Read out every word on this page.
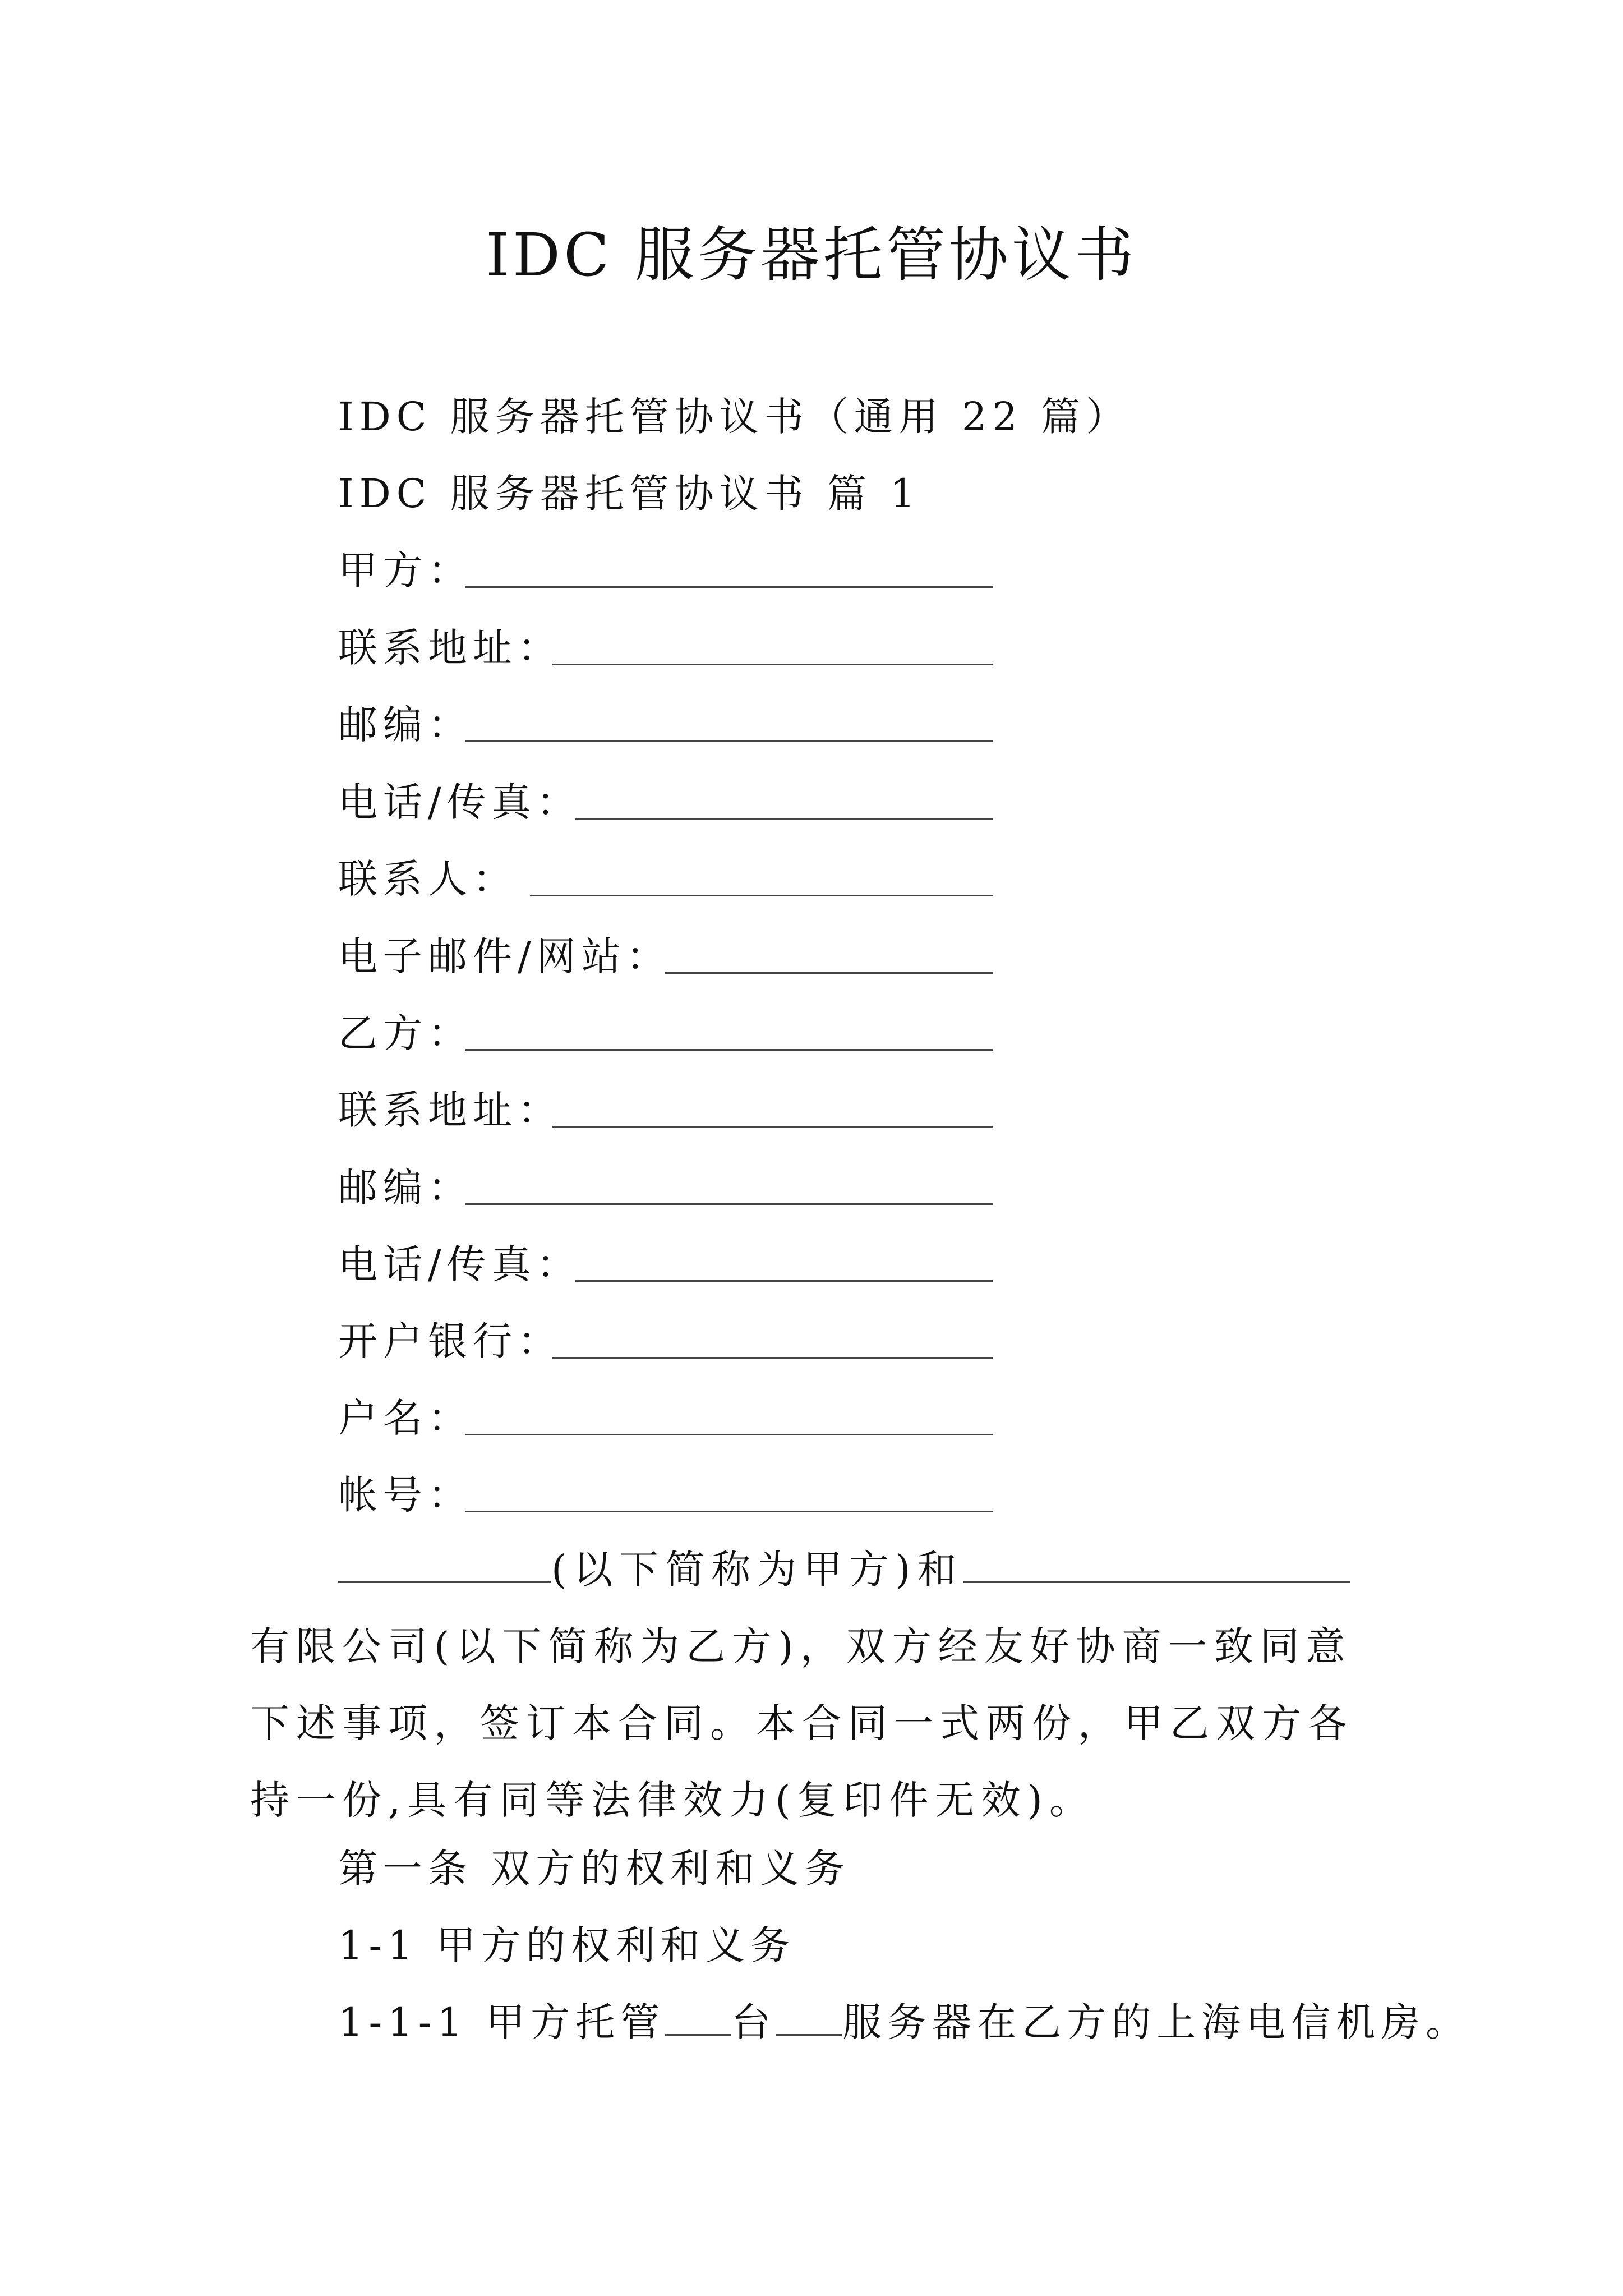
IDC 服务器托管协议书
IDC 服务器托管协议书（通用 22 篇）
IDC 服务器托管协议书 篇 1
甲方：
联系地址：
邮编：
电话/传真：
联系人：
电子邮件/网站：
乙方：
联系地址：
邮编：
电话/传真：
开户银行：
户名：
帐号：
(以下简称为甲方)和有限公司(以下简称为乙方)，双方经友好协商一致同意下述事项，签订本合同。本合同一式两份，甲乙双方各持一份,具有同等法律效力(复印件无效)。
第一条 双方的权利和义务
1-1 甲方的权利和义务
1-1-1 甲方托管 台 服务器在乙方的上海电信机房。
